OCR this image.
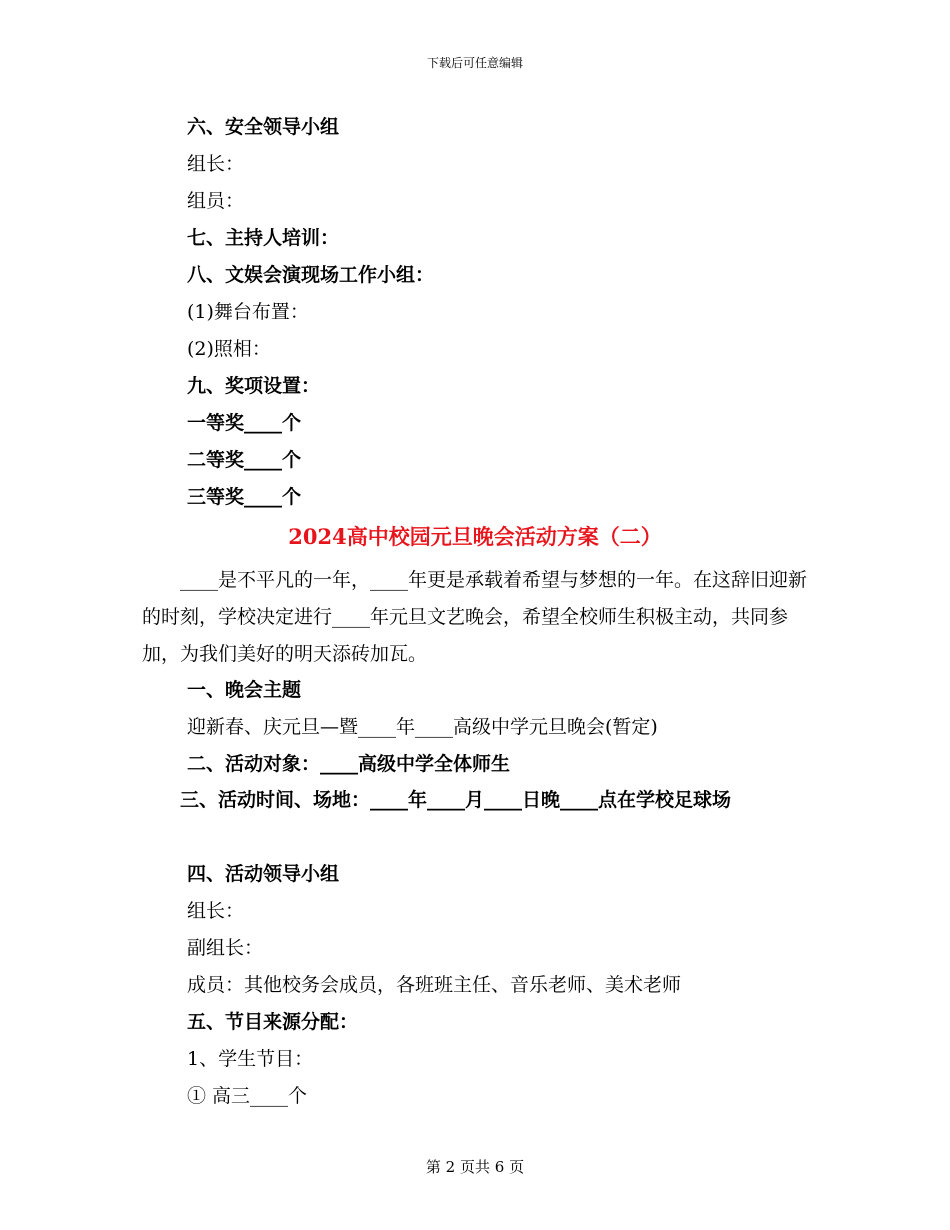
下载后可任意编辑
六、安全领导小组
组长：
组员：
七、主持人培训：
八、文娱会演现场工作小组：
(1)舞台布置：
(2)照相：
九、奖项设置：
一等奖____个
二等奖____个
三等奖____个
2024高中校园元旦晚会活动方案（二）
　　____是不平凡的一年，____年更是承载着希望与梦想的一年。在这辞旧迎新的时刻，学校决定进行____年元旦文艺晚会，希望全校师生积极主动，共同参加，为我们美好的明天添砖加瓦。
一、晚会主题
迎新春、庆元旦—暨____年____高级中学元旦晚会(暂定)
二、活动对象：____高级中学全体师生
　　三、活动时间、场地：____年____月____日晚____点在学校足球场
四、活动领导小组
组长：
副组长：
成员：其他校务会成员，各班班主任、音乐老师、美术老师
五、节目来源分配：
1、学生节目：
① 高三____个
第 2 页共 6 页
